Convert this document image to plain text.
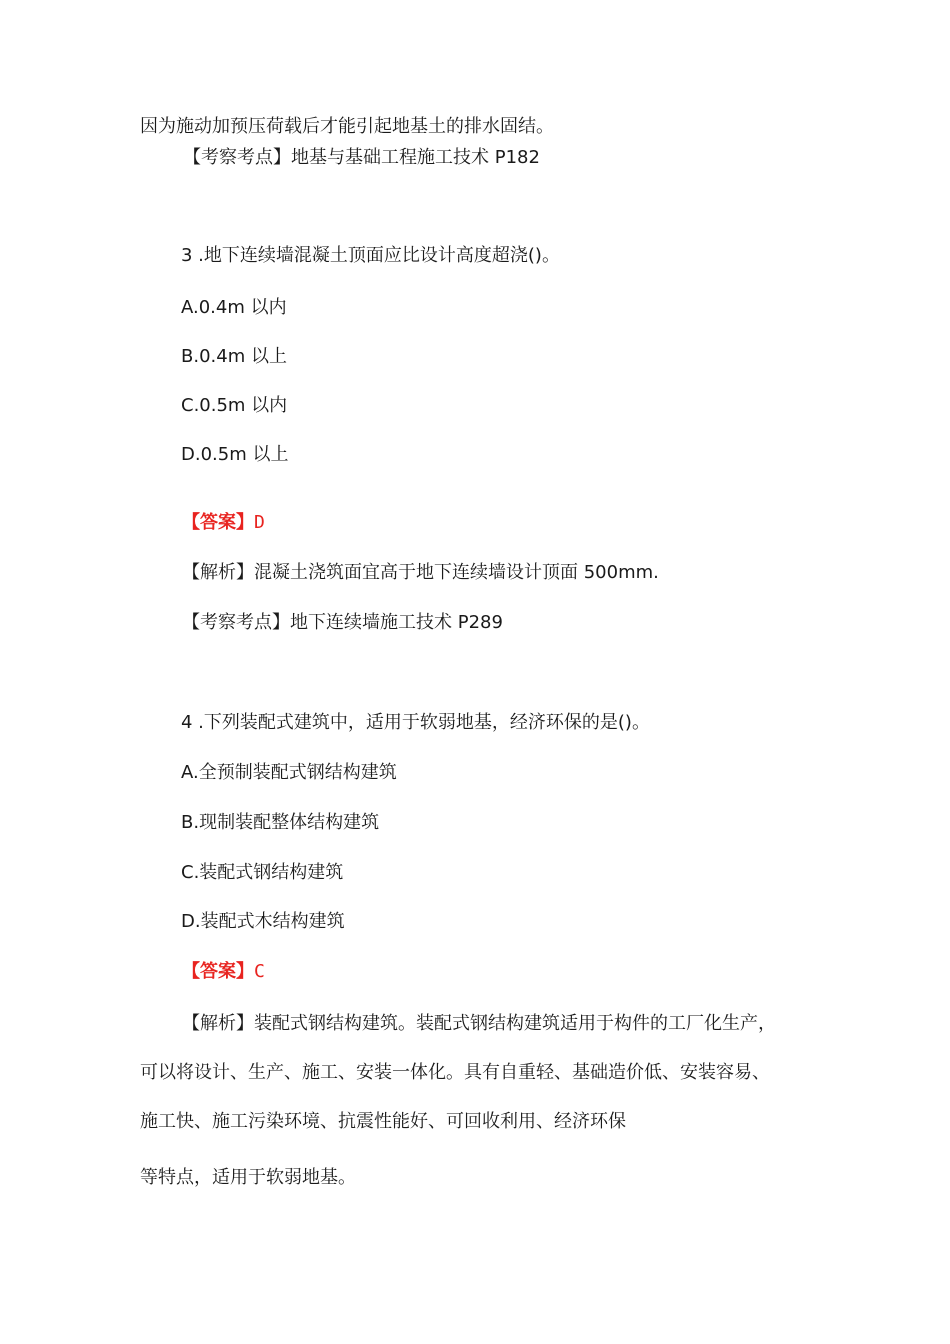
因为施动加预压荷载后才能引起地基土的排水固结。
【考察考点】地基与基础工程施工技术 P182
3 .地下连续墙混凝土顶面应比设计高度超浇()。
A.0.4m 以内
B.0.4m 以上
C.0.5m 以内
D.0.5m 以上
【答案】D
【解析】混凝土浇筑面宜高于地下连续墙设计顶面 500mm.
【考察考点】地下连续墙施工技术 P289
4 .下列装配式建筑中，适用于软弱地基，经济环保的是()。
A.全预制装配式钢结构建筑
B.现制装配整体结构建筑
C.装配式钢结构建筑
D.装配式木结构建筑
【答案】C
【解析】装配式钢结构建筑。装配式钢结构建筑适用于构件的工厂化生产，
可以将设计、生产、施工、安装一体化。具有自重轻、基础造价低、安装容易、
施工快、施工污染环境、抗震性能好、可回收利用、经济环保
等特点，适用于软弱地基。
